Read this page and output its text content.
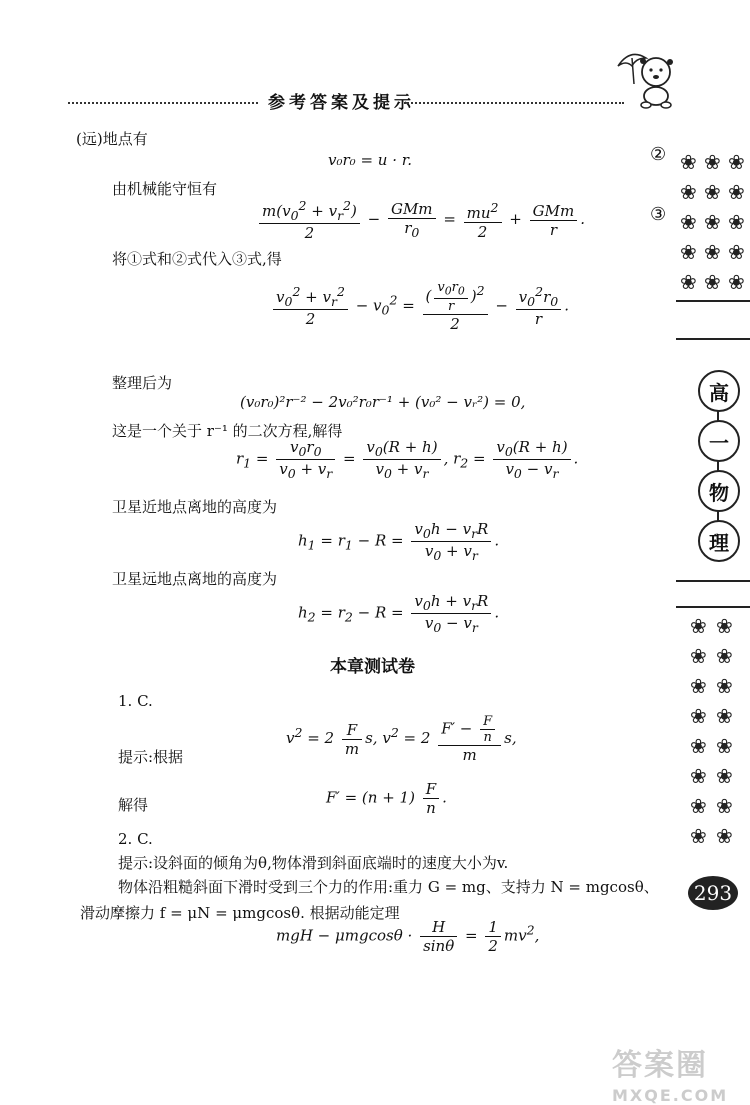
参考答案及提示
(远)地点有
v₀r₀ = u · r.
由机械能守恒有
$\frac{m(v_0^2 + v_r^2)}{2} - \frac{\text{GMm}}{r_0} = \frac{mu^2}{2} + \frac{\text{GMm}}{r}$ .
将①式和②式代入③式,得
$\frac{v_0^2 + v_r^2}{2} - v_0^2 = \frac{( \frac{v_0r_0}{r} )^2}{2} - \frac{v_0^2r_0}{r}$ .
整理后为
(v₀r₀)²r⁻² − 2v₀²r₀r⁻¹ + (v₀² − vᵣ²) = 0,
这是一个关于 r⁻¹ 的二次方程,解得
$r_1 = \frac{v_0r_0}{v_0 + v_r} = \frac{v_0(R + h)}{v_0 + v_r}$ , $r_2 = \frac{v_0(R + h)}{v_0 - v_r}$ .
卫星近地点离地的高度为
$h_1 = r_1 - R = \frac{v_0h - v_rR}{v_0 + v_r}$ .
卫星远地点离地的高度为
$h_2 = r_2 - R = \frac{v_0h + v_rR}{v_0 - v_r}$ .
本章测试卷
1. C.
提示:根据
$v^2 = 2 \frac{F}{m} s$, $v^2 = 2 \frac{F' - \frac{F}{n}}{m} s$,
解得	$F' = (n + 1) \frac{F}{n}$ .
2. C.
提示:设斜面的倾角为θ,物体滑到斜面底端时的速度大小为v.
物体沿粗糙斜面下滑时受到三个力的作用:重力 G = mg、支持力 N = mgcosθ、
滑动摩擦力 f = μN = μmgcosθ. 根据动能定理
mgH − $\mu mgcos\theta \cdot \frac{H}{\sin\theta} = \frac{1}{2} mv^2$,
②
③
❀ ❀ ❀
❀ ❀ ❀
❀ ❀ ❀
❀ ❀ ❀
❀ ❀ ❀
高
一
物
理
❀ ❀
❀ ❀
❀ ❀
❀ ❀
❀ ❀
❀ ❀
❀ ❀
❀ ❀
293
答案圈
MXQE.COM
